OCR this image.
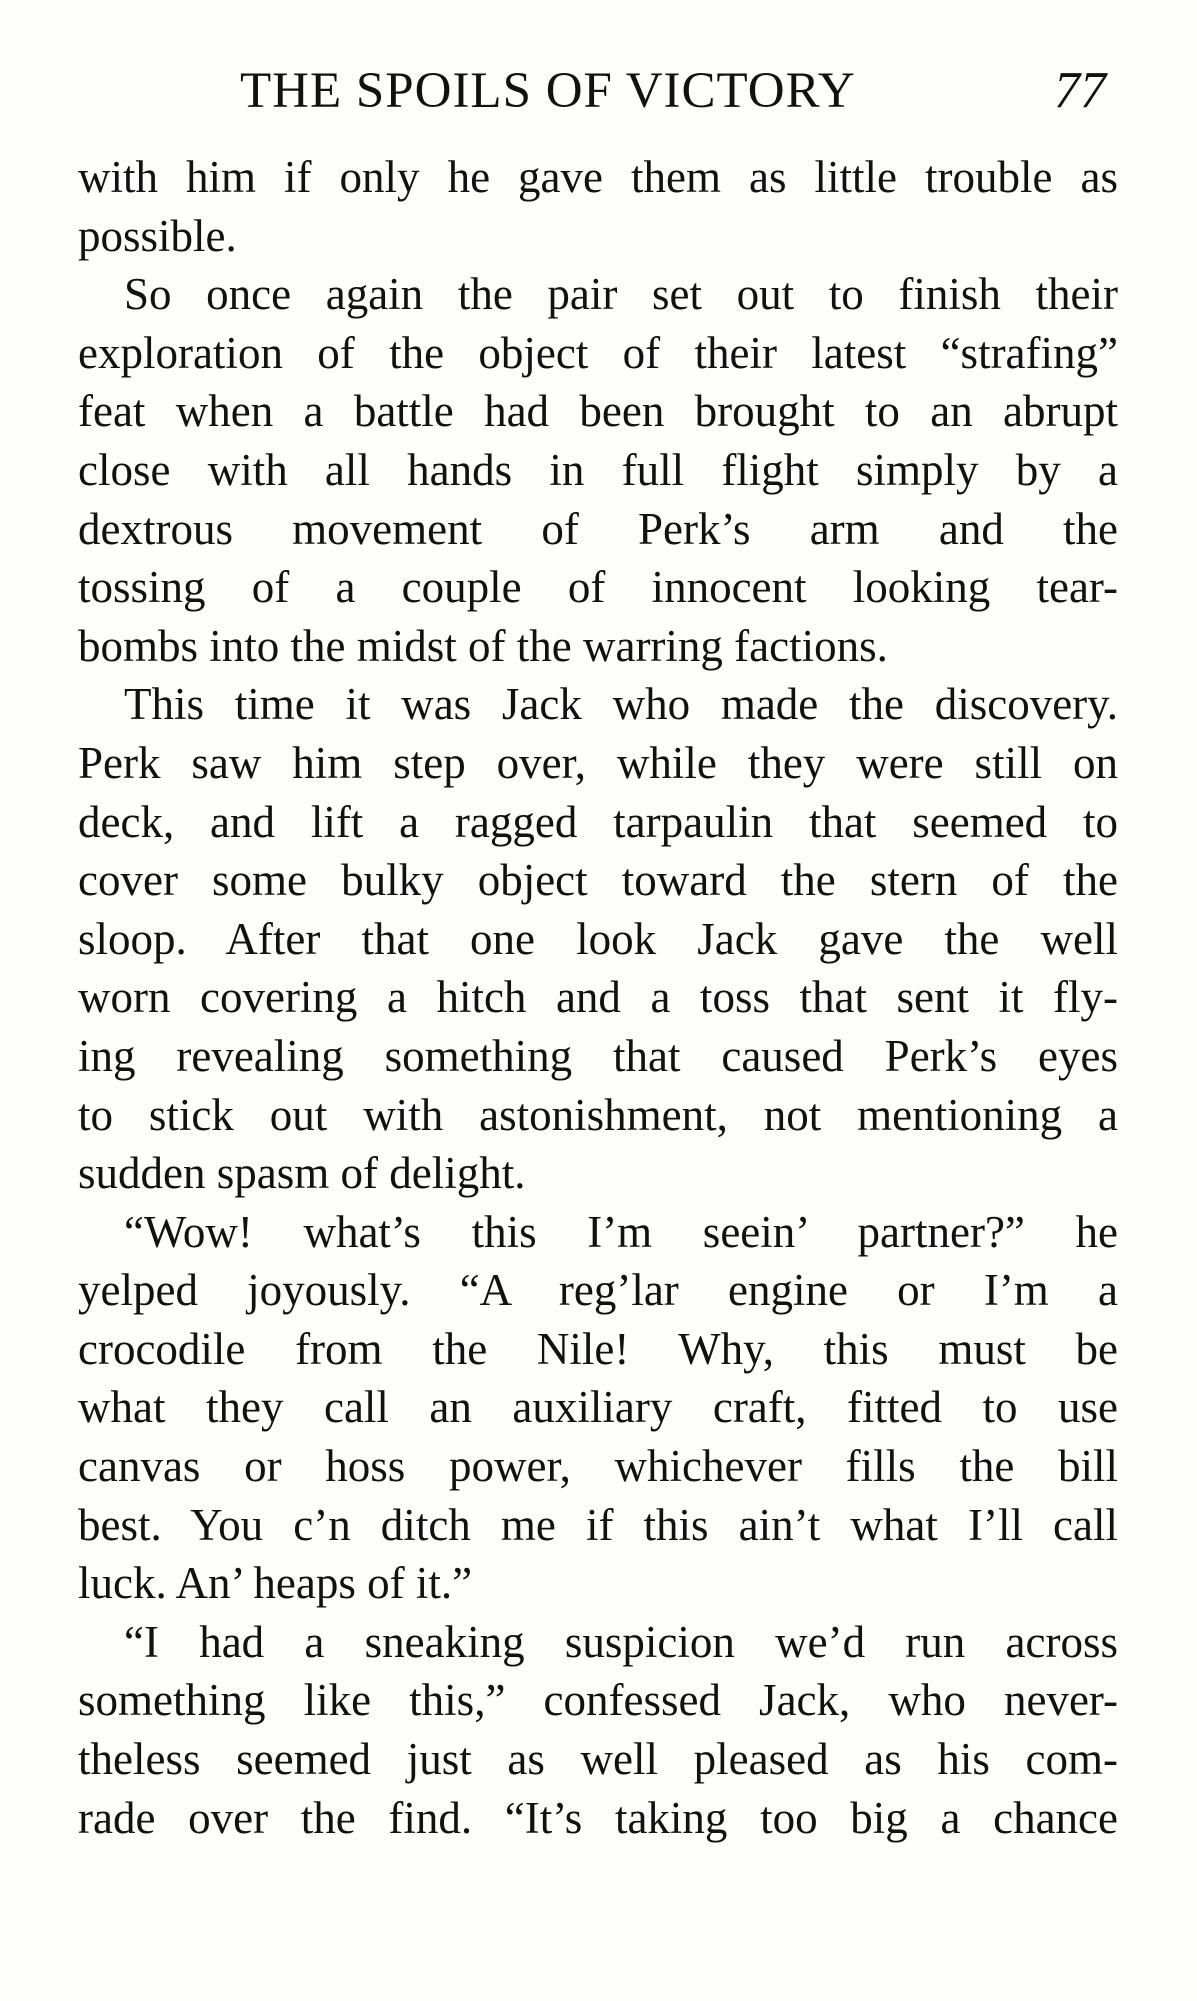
THE SPOILS OF VICTORY	77
with him if only he gave them as little trouble as
possible.
So once again the pair set out to finish their
exploration of the object of their latest “strafing”
feat when a battle had been brought to an abrupt
close with all hands in full flight simply by a
dextrous movement of Perk’s arm and the
tossing of a couple of innocent looking tear-
bombs into the midst of the warring factions.
This time it was Jack who made the discovery.
Perk saw him step over, while they were still on
deck, and lift a ragged tarpaulin that seemed to
cover some bulky object toward the stern of the
sloop. After that one look Jack gave the well
worn covering a hitch and a toss that sent it fly-
ing revealing something that caused Perk’s eyes
to stick out with astonishment, not mentioning a
sudden spasm of delight.
“Wow! what’s this I’m seein’ partner?” he
yelped joyously. “A reg’lar engine or I’m a
crocodile from the Nile! Why, this must be
what they call an auxiliary craft, fitted to use
canvas or hoss power, whichever fills the bill
best. You c’n ditch me if this ain’t what I’ll call
luck. An’ heaps of it.”
“I had a sneaking suspicion we’d run across
something like this,” confessed Jack, who never-
theless seemed just as well pleased as his com-
rade over the find. “It’s taking too big a chance
